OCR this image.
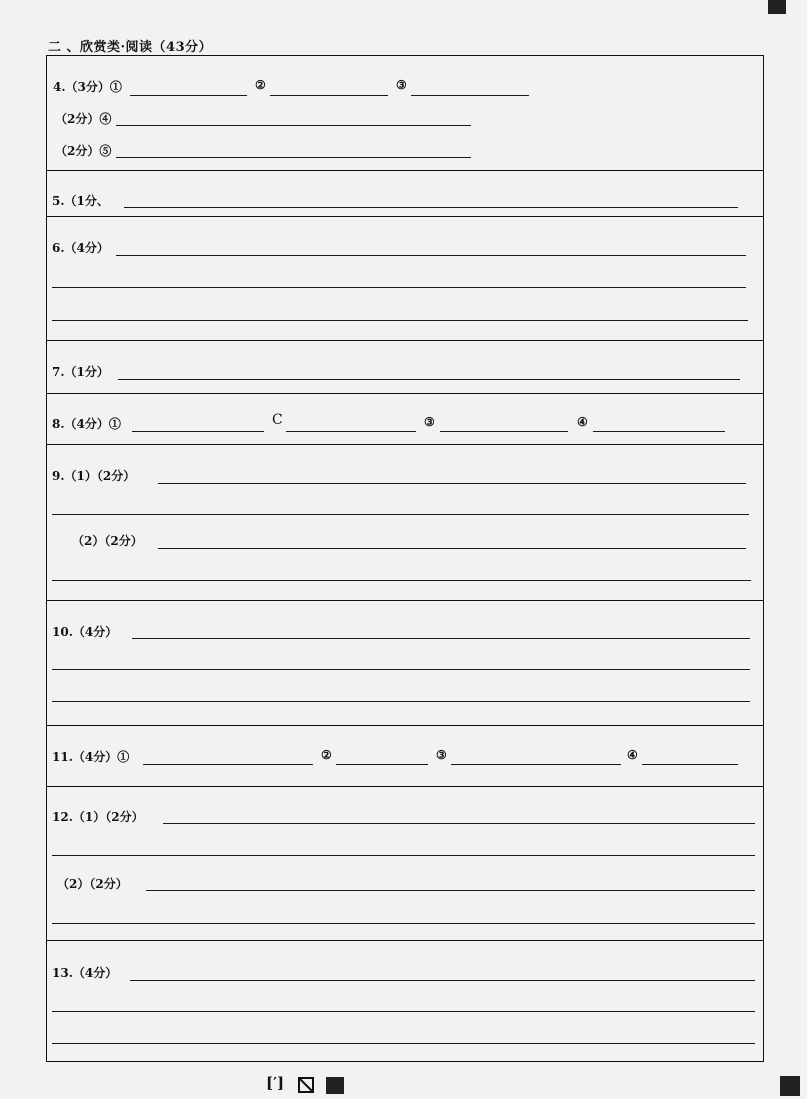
二 、欣赏类·阅读（43分）
4.（3分）①	②	③
（2分）④
（2分）⑤
5.（1分、
6.（4分）
7.（1分）
8.（4分）①	C	③	④
9.（1）（2分）
（2）（2分）
10.（4分）
11.（4分）①	②	③	④
12.（1）（2分）
（2）（2分）
13.（4分）
[′]
